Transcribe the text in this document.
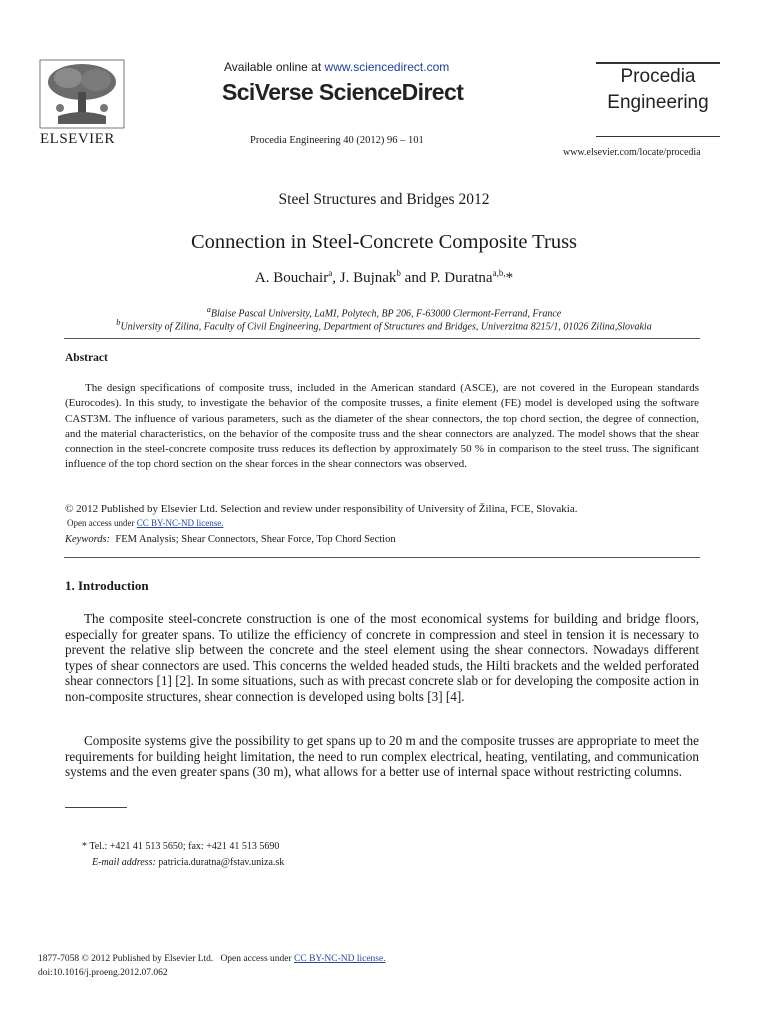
ELSEVIER
Available online at www.sciencedirect.com
SciVerse ScienceDirect
Procedia Engineering 40 (2012) 96 – 101
Procedia
Engineering
www.elsevier.com/locate/procedia
Steel Structures and Bridges 2012
Connection in Steel-Concrete Composite Truss
A. Bouchair$^a$, J. Bujnak$^b$ and P. Duratna$^{a,b,}$*
$^a$Blaise Pascal University, LaMI, Polytech, BP 206, F-63000 Clermont-Ferrand, France
$^b$University of Zilina, Faculty of Civil Engineering, Department of Structures and Bridges, Univerzitna 8215/1, 01026 Zilina,Slovakia
Abstract
The design specifications of composite truss, included in the American standard (ASCE), are not covered in the European standards (Eurocodes). In this study, to investigate the behavior of the composite trusses, a finite element (FE) model is developed using the software CAST3M. The influence of various parameters, such as the diameter of the shear connectors, the top chord section, the degree of connection, and the material characteristics, on the behavior of the composite truss and the shear connectors are analyzed. The model shows that the shear connection in the steel-concrete composite truss reduces its deflection by approximately 50 % in comparison to the steel truss. The significant influence of the top chord section on the shear forces in the shear connectors was observed.
© 2012 Published by Elsevier Ltd. Selection and review under responsibility of University of Žilina, FCE, Slovakia.
Open access under CC BY-NC-ND license.
Keywords: FEM Analysis; Shear Connectors, Shear Force, Top Chord Section
1. Introduction
The composite steel-concrete construction is one of the most economical systems for building and bridge floors, especially for greater spans. To utilize the efficiency of concrete in compression and steel in tension it is necessary to prevent the relative slip between the concrete and the steel element using the shear connectors. Nowadays different types of shear connectors are used. This concerns the welded headed studs, the Hilti brackets and the welded perforated shear connectors [1] [2]. In some situations, such as with precast concrete slab or for developing the composite action in non-composite structures, shear connection is developed using bolts [3] [4].
Composite systems give the possibility to get spans up to 20 m and the composite trusses are appropriate to meet the requirements for building height limitation, the need to run complex electrical, heating, ventilating, and communication systems and the even greater spans (30 m), what allows for a better use of internal space without restricting columns.
* Tel.: +421 41 513 5650; fax: +421 41 513 5690
E-mail address: patricia.duratna@fstav.uniza.sk
1877-7058 © 2012 Published by Elsevier Ltd. Open access under CC BY-NC-ND license.
doi:10.1016/j.proeng.2012.07.062
